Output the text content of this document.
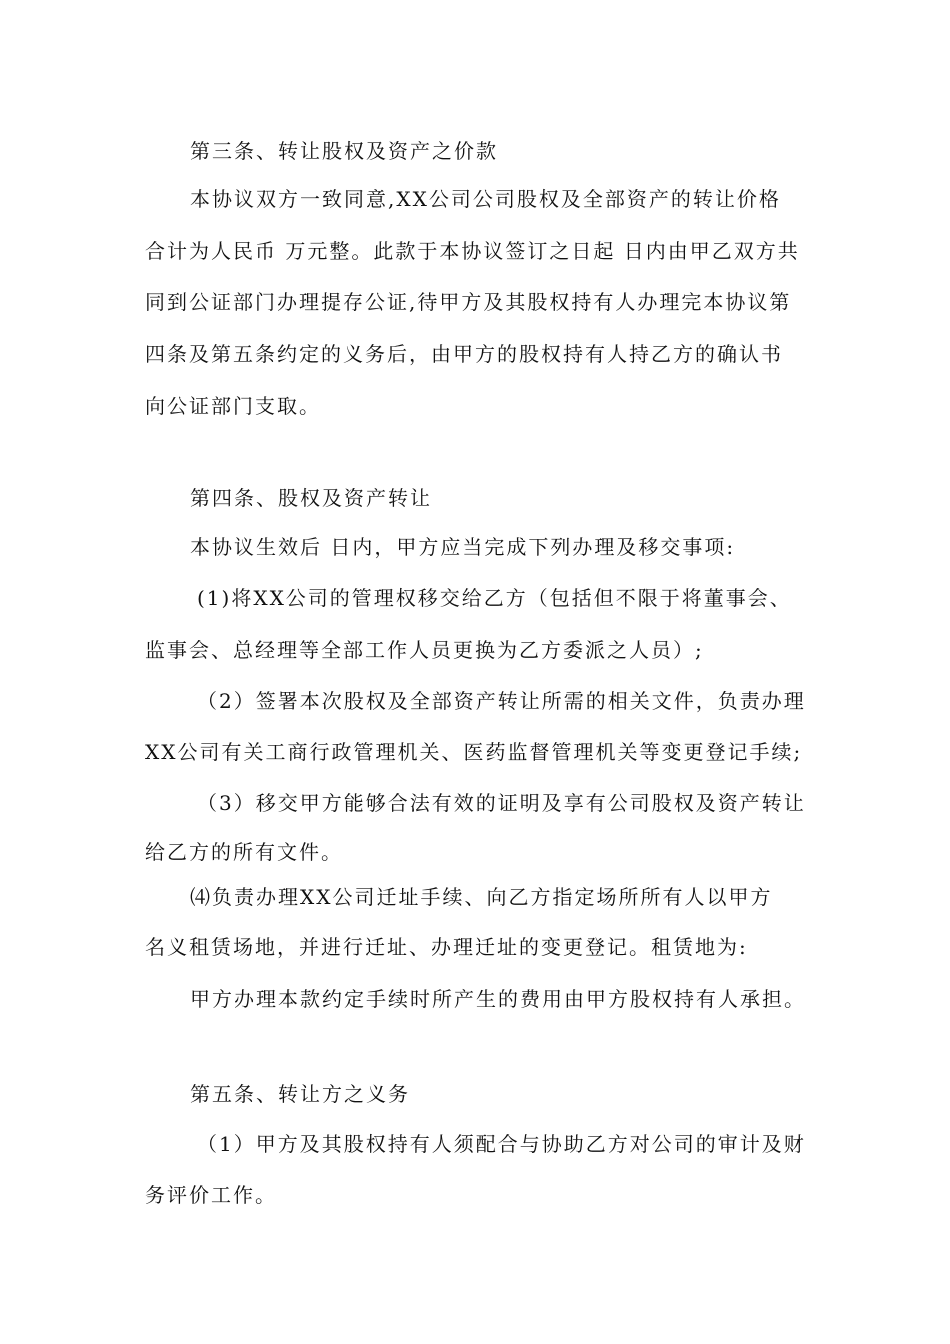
第三条、转让股权及资产之价款
本协议双方一致同意,XX公司公司股权及全部资产的转让价格
合计为人民币 万元整。此款于本协议签订之日起 日内由甲乙双方共
同到公证部门办理提存公证,待甲方及其股权持有人办理完本协议第
四条及第五条约定的义务后，由甲方的股权持有人持乙方的确认书
向公证部门支取。
第四条、股权及资产转让
本协议生效后 日内，甲方应当完成下列办理及移交事项:
(1)将XX公司的管理权移交给乙方（包括但不限于将董事会、
监事会、总经理等全部工作人员更换为乙方委派之人员）;
（2）签署本次股权及全部资产转让所需的相关文件，负责办理
XX公司有关工商行政管理机关、医药监督管理机关等变更登记手续;
（3）移交甲方能够合法有效的证明及享有公司股权及资产转让
给乙方的所有文件。
⑷负责办理XX公司迁址手续、向乙方指定场所所有人以甲方
名义租赁场地，并进行迁址、办理迁址的变更登记。租赁地为:
甲方办理本款约定手续时所产生的费用由甲方股权持有人承担。
第五条、转让方之义务
（1）甲方及其股权持有人须配合与协助乙方对公司的审计及财
务评价工作。
